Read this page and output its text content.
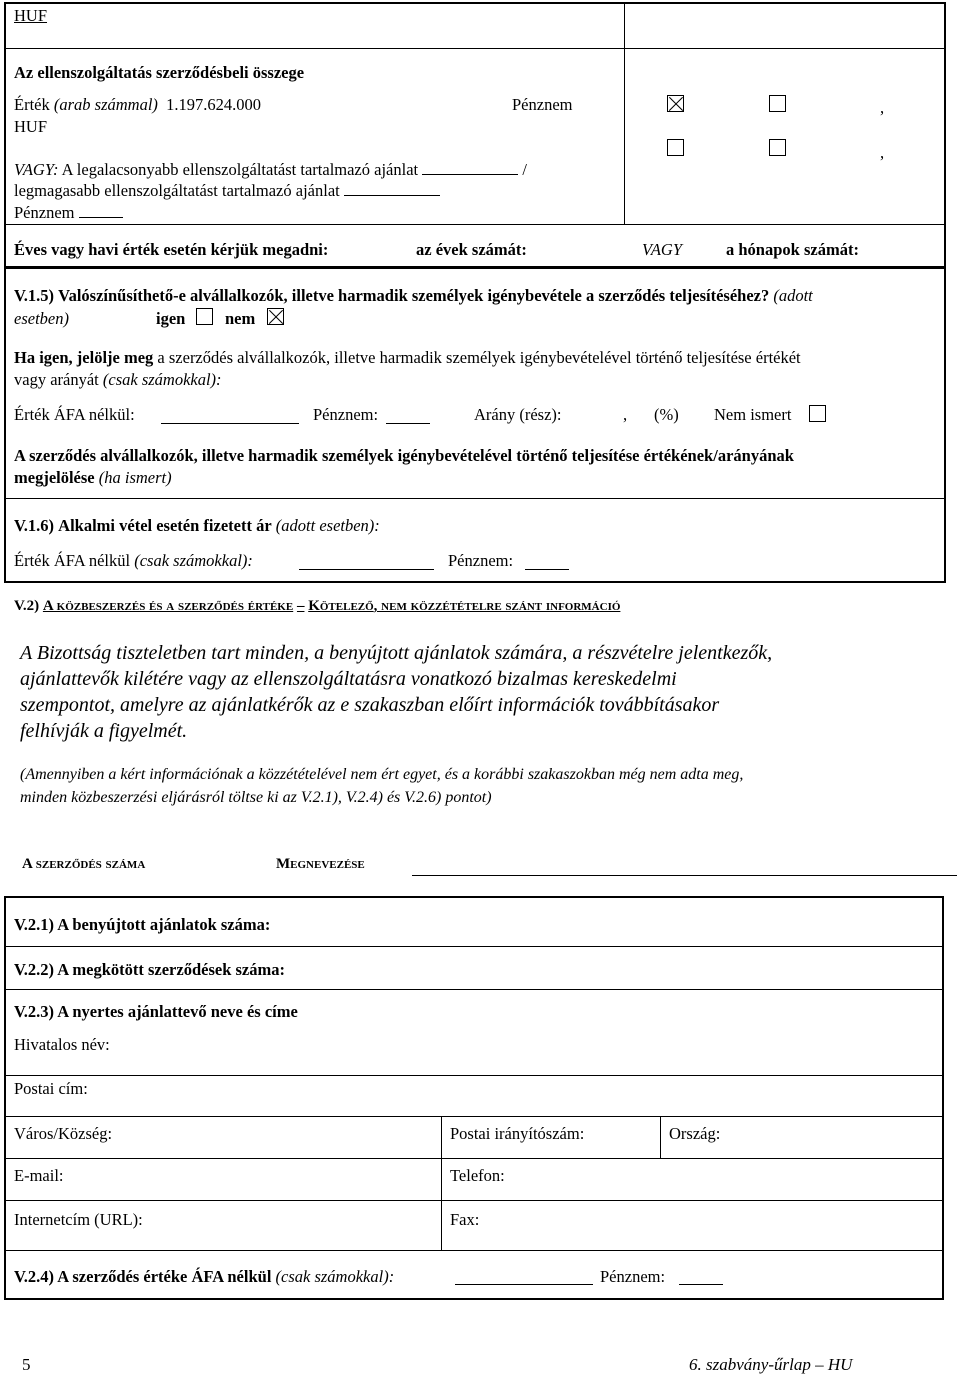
HUF
Az ellenszolgáltatás szerződésbeli összege
Érték (arab számmal) 1.197.624.000	Pénznem
HUF
VAGY: A legalacsonyabb ellenszolgáltatást tartalmazó ajánlat	/
legmagasabb ellenszolgáltatást tartalmazó ajánlat
Pénznem
,
,
Éves vagy havi érték esetén kérjük megadni:	az évek számát:	VAGY	a hónapok számát:
V.1.5) Valószínűsíthető-e alvállalkozók, illetve harmadik személyek igénybevétele a szerződés teljesítéséhez? (adott
esetben)	igen nem
Ha igen, jelölje meg a szerződés alvállalkozók, illetve harmadik személyek igénybevételével történő teljesítése értékét
vagy arányát (csak számokkal):
Érték ÁFA nélkül:	Pénznem:	Arány (rész):	, (%) Nem ismert
A szerződés alvállalkozók, illetve harmadik személyek igénybevételével történő teljesítése értékének/arányának
megjelölése (ha ismert)
V.1.6) Alkalmi vétel esetén fizetett ár (adott esetben):
Érték ÁFA nélkül (csak számokkal):	Pénznem:
V.2) A közbeszerzés és a szerződés értéke – Kötelező, nem közzétételre szánt információ
A Bizottság tiszteletben tart minden, a benyújtott ajánlatok számára, a részvételre jelentkezők,
ajánlattevők kilétére vagy az ellenszolgáltatásra vonatkozó bizalmas kereskedelmi
szempontot, amelyre az ajánlatkérők az e szakaszban előírt információk továbbításakor
felhívják a figyelmét.
(Amennyiben a kért információnak a közzétételével nem ért egyet, és a korábbi szakaszokban még nem adta meg,
minden közbeszerzési eljárásról töltse ki az V.2.1), V.2.4) és V.2.6) pontot)
A szerződés száma	Megnevezése
V.2.1) A benyújtott ajánlatok száma:
V.2.2) A megkötött szerződések száma:
V.2.3) A nyertes ajánlattevő neve és címe
Hivatalos név:
Postai cím:
Város/Község:	Postai irányítószám:	Ország:
E-mail:	Telefon:
Internetcím (URL):	Fax:
V.2.4) A szerződés értéke ÁFA nélkül (csak számokkal):	Pénznem:
5	6. szabvány-űrlap – HU
